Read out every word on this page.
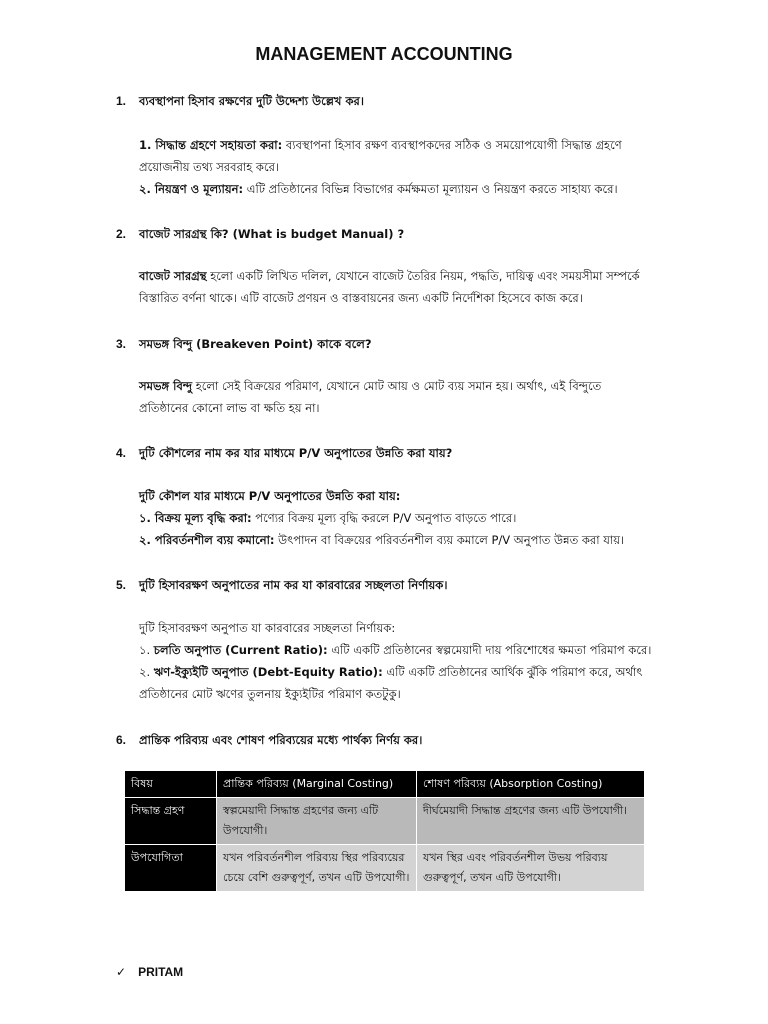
MANAGEMENT ACCOUNTING
1. ব্যবস্থাপনা হিসাব রক্ষণের দুটি উদ্দেশ্য উল্লেখ কর।
1. সিদ্ধান্ত গ্রহণে সহায়তা করা: ব্যবস্থাপনা হিসাব রক্ষণ ব্যবস্থাপকদের সঠিক ও সময়োপযোগী সিদ্ধান্ত গ্রহণে
প্রয়োজনীয় তথ্য সরবরাহ করে।
২. নিয়ন্ত্রণ ও মূল্যায়ন: এটি প্রতিষ্ঠানের বিভিন্ন বিভাগের কর্মক্ষমতা মূল্যায়ন ও নিয়ন্ত্রণ করতে সাহায্য করে।
2. বাজেট সারগ্রন্থ কি? (What is budget Manual) ?
বাজেট সারগ্রন্থ হলো একটি লিখিত দলিল, যেখানে বাজেট তৈরির নিয়ম, পদ্ধতি, দায়িত্ব এবং সময়সীমা সম্পর্কে
বিস্তারিত বর্ণনা থাকে। এটি বাজেট প্রণয়ন ও বাস্তবায়নের জন্য একটি নির্দেশিকা হিসেবে কাজ করে।
3. সমভঙ্গ বিন্দু (Breakeven Point) কাকে বলে?
সমভঙ্গ বিন্দু হলো সেই বিক্রয়ের পরিমাণ, যেখানে মোট আয় ও মোট ব্যয় সমান হয়। অর্থাৎ, এই বিন্দুতে
প্রতিষ্ঠানের কোনো লাভ বা ক্ষতি হয় না।
4. দুটি কৌশলের নাম কর যার মাধ্যমে P/V অনুপাতের উন্নতি করা যায়?
দুটি কৌশল যার মাধ্যমে P/V অনুপাতের উন্নতি করা যায়:
১. বিক্রয় মূল্য বৃদ্ধি করা: পণ্যের বিক্রয় মূল্য বৃদ্ধি করলে P/V অনুপাত বাড়তে পারে।
২. পরিবর্তনশীল ব্যয় কমানো: উৎপাদন বা বিক্রয়ের পরিবর্তনশীল ব্যয় কমালে P/V অনুপাত উন্নত করা যায়।
5. দুটি হিসাবরক্ষণ অনুপাতের নাম কর যা কারবারের সচ্ছলতা নির্ণায়ক।
দুটি হিসাবরক্ষণ অনুপাত যা কারবারের সচ্ছলতা নির্ণায়ক:
১. চলতি অনুপাত (Current Ratio): এটি একটি প্রতিষ্ঠানের স্বল্পমেয়াদী দায় পরিশোধের ক্ষমতা পরিমাপ করে।
২. ঋণ-ইক্যুইটি অনুপাত (Debt-Equity Ratio): এটি একটি প্রতিষ্ঠানের আর্থিক ঝুঁকি পরিমাপ করে, অর্থাৎ
প্রতিষ্ঠানের মোট ঋণের তুলনায় ইক্যুইটির পরিমাণ কতটুকু।
6. প্রান্তিক পরিব্যয় এবং শোষণ পরিব্যয়ের মধ্যে পার্থক্য নির্ণয় কর।
বিষয়	প্রান্তিক পরিব্যয় (Marginal Costing)	শোষণ পরিব্যয় (Absorption Costing)
সিদ্ধান্ত গ্রহণ	স্বল্পমেয়াদী সিদ্ধান্ত গ্রহণের জন্য এটি উপযোগী।	দীর্ঘমেয়াদী সিদ্ধান্ত গ্রহণের জন্য এটি উপযোগী।
উপযোগিতা	যখন পরিবর্তনশীল পরিব্যয় স্থির পরিব্যয়ের চেয়ে বেশি গুরুত্বপূর্ণ, তখন এটি উপযোগী।	যখন স্থির এবং পরিবর্তনশীল উভয় পরিব্যয় গুরুত্বপূর্ণ, তখন এটি উপযোগী।
✓ PRITAM
